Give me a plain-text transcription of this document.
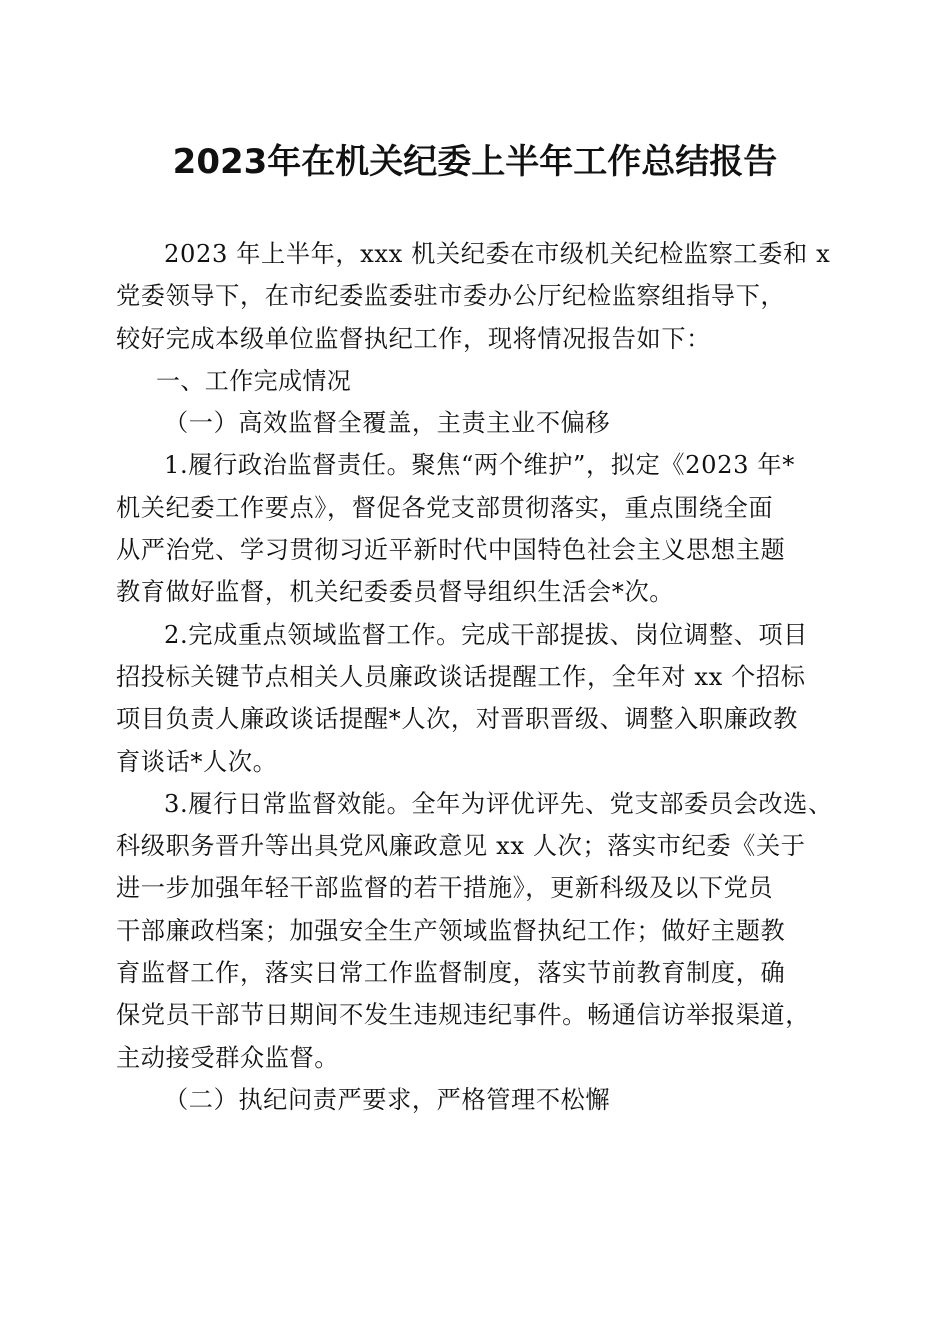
2023年在机关纪委上半年工作总结报告

2023 年上半年，xxx 机关纪委在市级机关纪检监察工委和 x
党委领导下，在市纪委监委驻市委办公厅纪检监察组指导下，
较好完成本级单位监督执纪工作，现将情况报告如下：

一、工作完成情况

（一）高效监督全覆盖，主责主业不偏移

1.履行政治监督责任。聚焦“两个维护”，拟定《2023 年*
机关纪委工作要点》，督促各党支部贯彻落实，重点围绕全面
从严治党、学习贯彻习近平新时代中国特色社会主义思想主题
教育做好监督，机关纪委委员督导组织生活会*次。

2.完成重点领域监督工作。完成干部提拔、岗位调整、项目
招投标关键节点相关人员廉政谈话提醒工作，全年对 xx 个招标
项目负责人廉政谈话提醒*人次，对晋职晋级、调整入职廉政教
育谈话*人次。

3.履行日常监督效能。全年为评优评先、党支部委员会改选、
科级职务晋升等出具党风廉政意见 xx 人次；落实市纪委《关于
进一步加强年轻干部监督的若干措施》，更新科级及以下党员
干部廉政档案；加强安全生产领域监督执纪工作；做好主题教
育监督工作，落实日常工作监督制度，落实节前教育制度，确
保党员干部节日期间不发生违规违纪事件。畅通信访举报渠道，
主动接受群众监督。

（二）执纪问责严要求，严格管理不松懈
